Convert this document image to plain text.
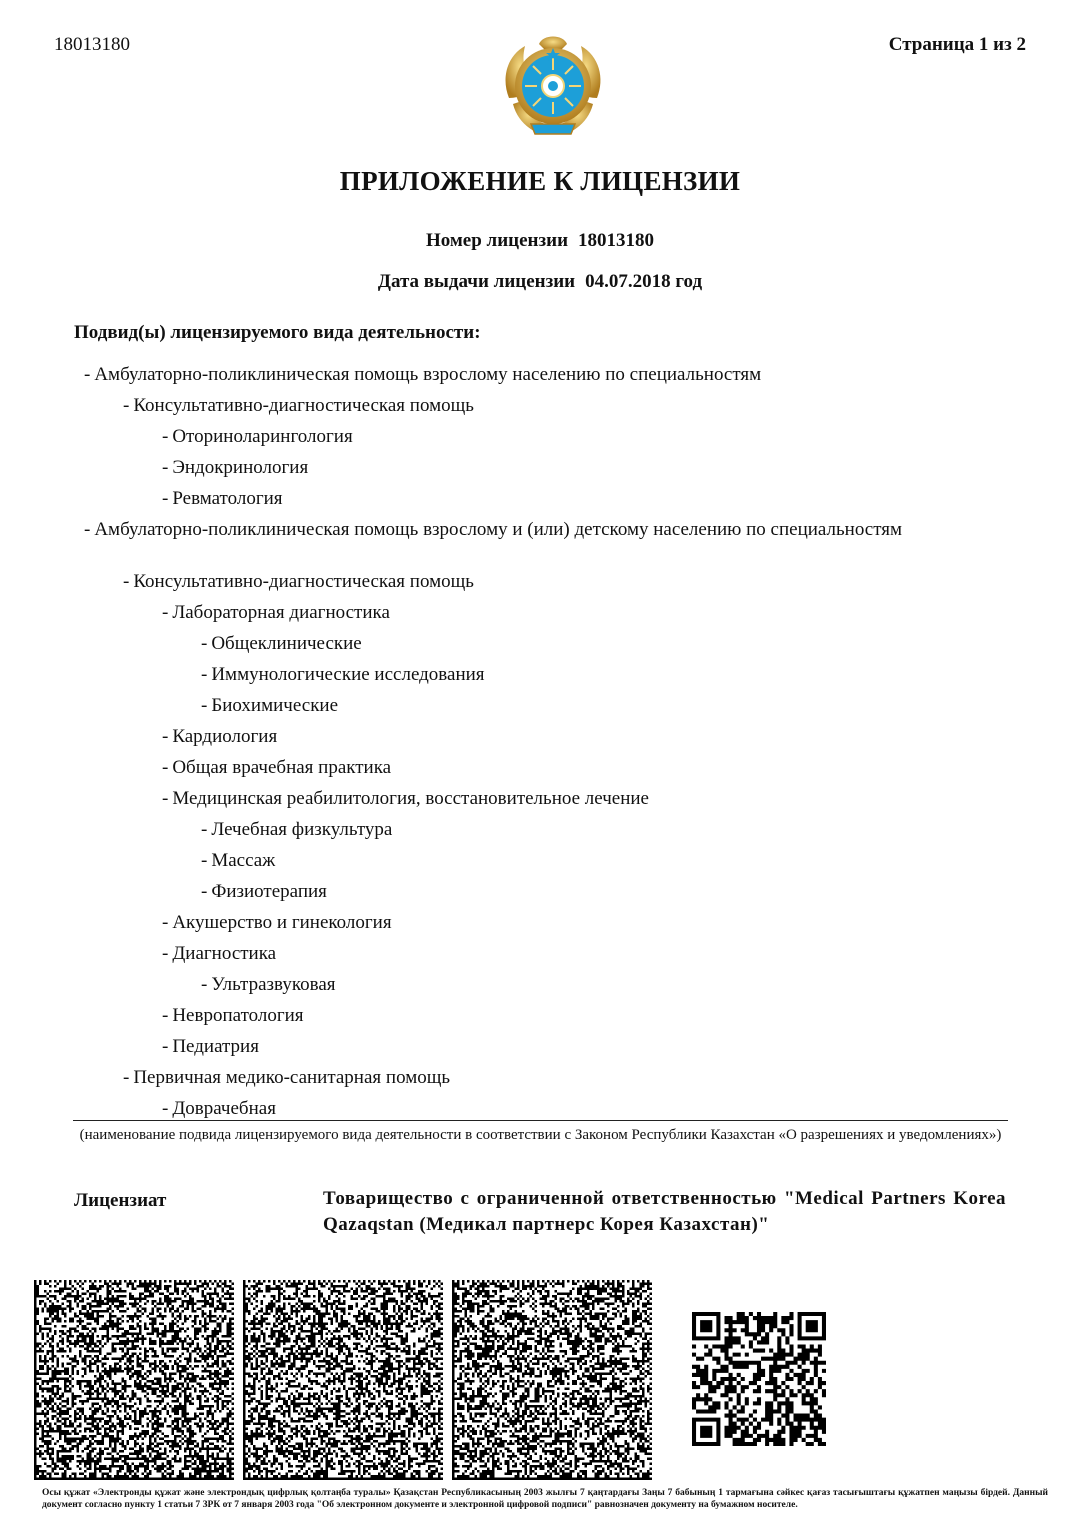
18013180	Страница 1 из 2
ПРИЛОЖЕНИЕ К ЛИЦЕНЗИИ
Номер лицензии 18013180
Дата выдачи лицензии 04.07.2018 год
Подвид(ы) лицензируемого вида деятельности:
- Амбулаторно-поликлиническая помощь взрослому населению по специальностям
- Консультативно-диагностическая помощь
- Оториноларингология
- Эндокринология
- Ревматология
- Амбулаторно-поликлиническая помощь взрослому и (или) детскому населению по специальностям
- Консультативно-диагностическая помощь
- Лабораторная диагностика
- Общеклинические
- Иммунологические исследования
- Биохимические
- Кардиология
- Общая врачебная практика
- Медицинская реабилитология, восстановительное лечение
- Лечебная физкультура
- Массаж
- Физиотерапия
- Акушерство и гинекология
- Диагностика
- Ультразвуковая
- Невропатология
- Педиатрия
- Первичная медико-санитарная помощь
- Доврачебная
(наименование подвида лицензируемого вида деятельности в соответствии с Законом Республики Казахстан «О разрешениях и уведомлениях»)
Лицензиат	Товарищество с ограниченной ответственностью "Medical Partners Korea Qazaqstan (Медикал партнерс Корея Казахстан)"
Осы құжат «Электронды құжат және электрондық цифрлық қолтаңба туралы» Қазақстан Республикасының 2003 жылғы 7 қаңтардағы Заңы 7 бабының 1 тармағына сәйкес қағаз тасығыштағы құжатпен маңызы бірдей. Данный документ согласно пункту 1 статьи 7 ЗРК от 7 января 2003 года "Об электронном документе и электронной цифровой подписи" равнозначен документу на бумажном носителе.
